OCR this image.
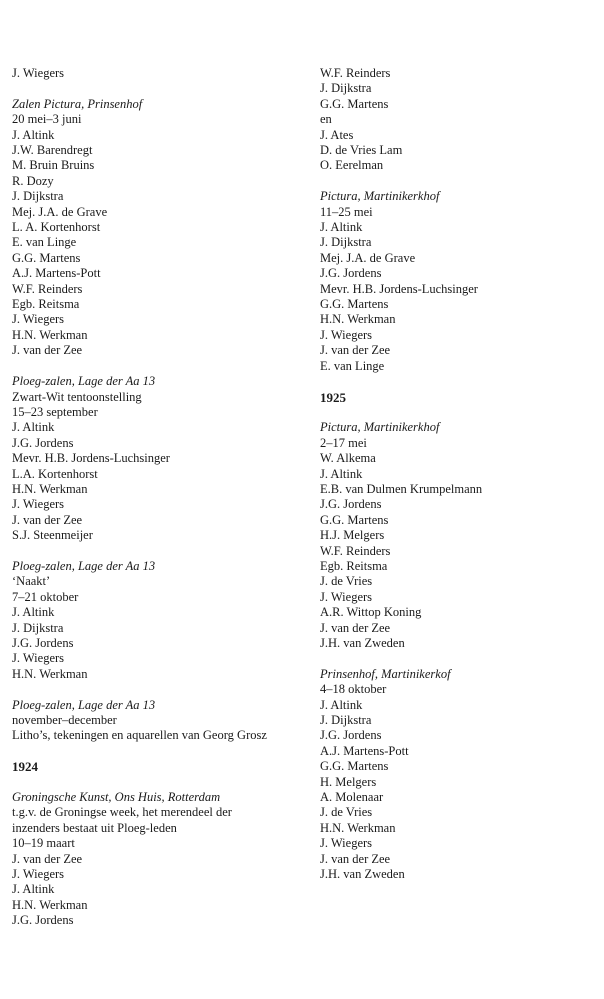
J. Wiegers
Zalen Pictura, Prinsenhof
20 mei–3 juni
J. Altink
J.W. Barendregt
M. Bruin Bruins
R. Dozy
J. Dijkstra
Mej. J.A. de Grave
L. A. Kortenhorst
E. van Linge
G.G. Martens
A.J. Martens-Pott
W.F. Reinders
Egb. Reitsma
J. Wiegers
H.N. Werkman
J. van der Zee
Ploeg-zalen, Lage der Aa 13
Zwart-Wit tentoonstelling
15–23 september
J. Altink
J.G. Jordens
Mevr. H.B. Jordens-Luchsinger
L.A. Kortenhorst
H.N. Werkman
J. Wiegers
J. van der Zee
S.J. Steenmeijer
Ploeg-zalen, Lage der Aa 13
‘Naakt’
7–21 oktober
J. Altink
J. Dijkstra
J.G. Jordens
J. Wiegers
H.N. Werkman
Ploeg-zalen, Lage der Aa 13
november–december
Litho’s, tekeningen en aquarellen van Georg Grosz
1924
Groningsche Kunst, Ons Huis, Rotterdam
t.g.v. de Groningse week, het merendeel der
inzenders bestaat uit Ploeg-leden
10–19 maart
J. van der Zee
J. Wiegers
J. Altink
H.N. Werkman
J.G. Jordens
W.F. Reinders
J. Dijkstra
G.G. Martens
en
J. Ates
D. de Vries Lam
O. Eerelman
Pictura, Martinikerkhof
11–25 mei
J. Altink
J. Dijkstra
Mej. J.A. de Grave
J.G. Jordens
Mevr. H.B. Jordens-Luchsinger
G.G. Martens
H.N. Werkman
J. Wiegers
J. van der Zee
E. van Linge
1925
Pictura, Martinikerkhof
2–17 mei
W. Alkema
J. Altink
E.B. van Dulmen Krumpelmann
J.G. Jordens
G.G. Martens
H.J. Melgers
W.F. Reinders
Egb. Reitsma
J. de Vries
J. Wiegers
A.R. Wittop Koning
J. van der Zee
J.H. van Zweden
Prinsenhof, Martinikerkof
4–18 oktober
J. Altink
J. Dijkstra
J.G. Jordens
A.J. Martens-Pott
G.G. Martens
H. Melgers
A. Molenaar
J. de Vries
H.N. Werkman
J. Wiegers
J. van der Zee
J.H. van Zweden
